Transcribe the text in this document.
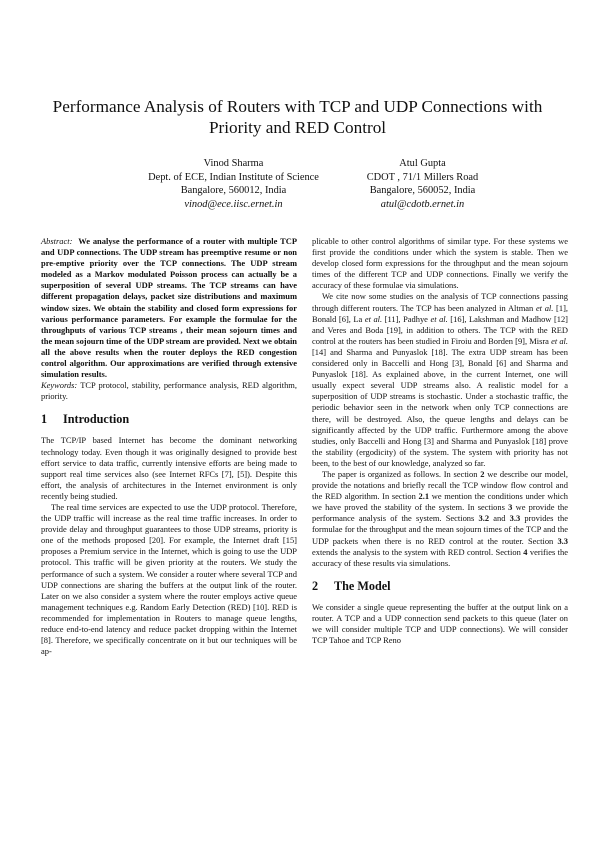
Performance Analysis of Routers with TCP and UDP Connections with Priority and RED Control
Vinod Sharma
Dept. of ECE, Indian Institute of Science
Bangalore, 560012, India
vinod@ece.iisc.ernet.in
Atul Gupta
CDOT , 71/1 Millers Road
Bangalore, 560052, India
atul@cdotb.ernet.in

Abstract: We analyse the performance of a router with multiple TCP and UDP connections. The UDP stream has preemptive resume or non pre-emptive priority over the TCP connections. The UDP stream modeled as a Markov modulated Poisson process can actually be a superposition of several UDP streams. The TCP streams can have different propagation delays, packet size distributions and maximum window sizes. We obtain the stability and closed form expressions for various performance parameters. For example the formulae for the throughputs of various TCP streams , their mean sojourn times and the mean sojourn time of the UDP stream are provided. Next we obtain all the above results when the router deploys the RED congestion control algorithm. Our approximations are verified through extensive simulation results.

Keywords: TCP protocol, stability, performance analysis, RED algorithm, priority.

1 Introduction

The TCP/IP based Internet has become the dominant networking technology today. Even though it was originally designed to provide best effort service to data traffic, currently intensive efforts are being made to support real time services also (see Internet RFCs [7], [5]). Despite this effort, the analysis of architectures in the Internet environment is only recently being studied.

The real time services are expected to use the UDP protocol. Therefore, the UDP traffic will increase as the real time traffic increases. In order to provide delay and throughput guarantees to those UDP streams, priority is one of the methods proposed [20]. For example, the Internet draft [15] proposes a Premium service in the Internet, which is going to use the UDP protocol. This traffic will be given priority at the routers. We study the performance of such a system. We consider a router where several TCP and UDP connections are sharing the buffers at the output link of the router. Later on we also consider a system where the router employs active queue management techniques e.g. Random Early Detection (RED) [10]. RED is recommended for implementation in Routers to manage queue lengths, reduce end-to-end latency and reduce packet dropping within the Internet [8]. Therefore, we specifically concentrate on it but our techniques will be ap-

plicable to other control algorithms of similar type. For these systems we first provide the conditions under which the system is stable. Then we develop closed form expressions for the throughput and the mean sojourn times of the different TCP and UDP connections. Finally we verify the accuracy of these formulae via simulations.

We cite now some studies on the analysis of TCP connections passing through different routers. The TCP has been analyzed in Altman et al. [1], Bonald [6], La et al. [11], Padhye et al. [16], Lakshman and Madhow [12] and Veres and Boda [19], in addition to others. The TCP with the RED control at the routers has been studied in Firoiu and Borden [9], Misra et al. [14] and Sharma and Punyaslok [18]. The extra UDP stream has been considered only in Baccelli and Hong [3], Bonald [6] and Sharma and Punyaslok [18]. As explained above, in the current Internet, one will usually expect several UDP streams also. A realistic model for a superposition of UDP streams is stochastic. Under a stochastic traffic, the periodic behavior seen in the network when only TCP connections are there, will be destroyed. Also, the queue lengths and delays can be significantly affected by the UDP traffic. Furthermore among the above studies, only Baccelli and Hong [3] and Sharma and Punyaslok [18] prove the stability (ergodicity) of the system. The system with priority has not been, to the best of our knowledge, analyzed so far.

The paper is organized as follows. In section 2 we describe our model, provide the notations and briefly recall the TCP window flow control and the RED algorithm. In section 2.1 we mention the conditions under which we have proved the stability of the system. In sections 3 we provide the performance analysis of the system. Sections 3.2 and 3.3 provides the formulae for the throughput and the mean sojourn times of the TCP and the UDP packets when there is no RED control at the router. Section 3.3 extends the analysis to the system with RED control. Section 4 verifies the accuracy of these results via simulations.

2 The Model

We consider a single queue representing the buffer at the output link on a router. A TCP and a UDP connection send packets to this queue (later on we will consider multiple TCP and UDP connections). We will consider TCP Tahoe and TCP Reno
